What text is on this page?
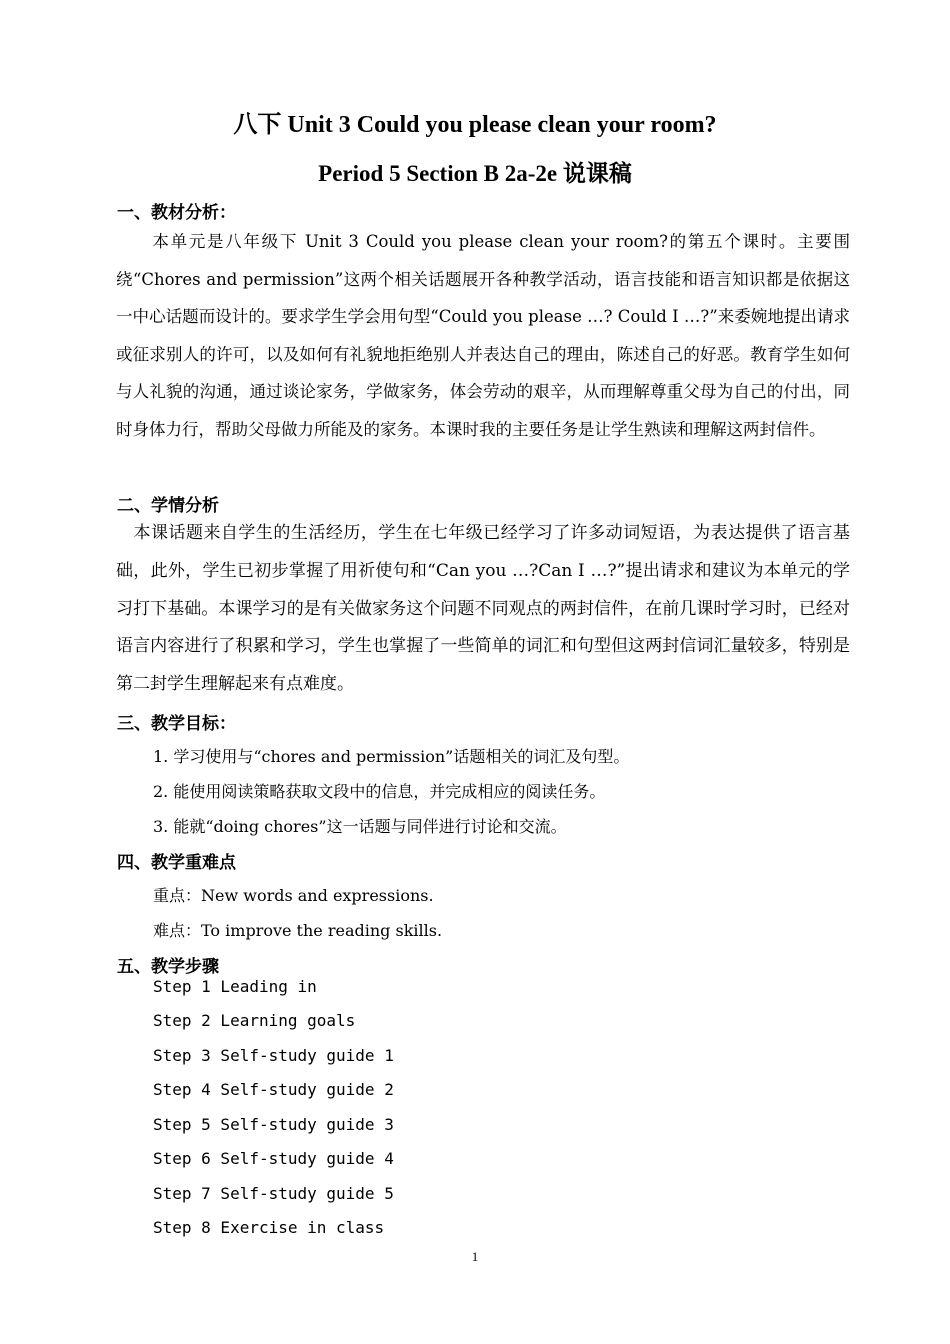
八下 Unit 3 Could you please clean your room?
Period 5 Section B 2a-2e 说课稿
一、教材分析：
　　本单元是八年级下 Unit 3 Could you please clean your room?的第五个课时。主要围绕“Chores and permission”这两个相关话题展开各种教学活动，语言技能和语言知识都是依据这一中心话题而设计的。要求学生学会用句型“Could you please …? Could I …?”来委婉地提出请求或征求别人的许可，以及如何有礼貌地拒绝别人并表达自己的理由，陈述自己的好恶。教育学生如何与人礼貌的沟通，通过谈论家务，学做家务，体会劳动的艰辛，从而理解尊重父母为自己的付出，同时身体力行，帮助父母做力所能及的家务。本课时我的主要任务是让学生熟读和理解这两封信件。
二、学情分析
　本课话题来自学生的生活经历，学生在七年级已经学习了许多动词短语，为表达提供了语言基础，此外，学生已初步掌握了用祈使句和“Can you …?Can I …?”提出请求和建议为本单元的学习打下基础。本课学习的是有关做家务这个问题不同观点的两封信件，在前几课时学习时，已经对语言内容进行了积累和学习，学生也掌握了一些简单的词汇和句型但这两封信词汇量较多，特别是第二封学生理解起来有点难度。
三、教学目标：
1. 学习使用与“chores and permission”话题相关的词汇及句型。
2. 能使用阅读策略获取文段中的信息，并完成相应的阅读任务。
3. 能就“doing chores”这一话题与同伴进行讨论和交流。
四、教学重难点
重点：New words and expressions.
难点：To improve the reading skills.
五、教学步骤
Step 1 Leading in
Step 2 Learning goals
Step 3 Self-study guide 1
Step 4 Self-study guide 2
Step 5 Self-study guide 3
Step 6 Self-study guide 4
Step 7 Self-study guide 5
Step 8 Exercise in class
1
